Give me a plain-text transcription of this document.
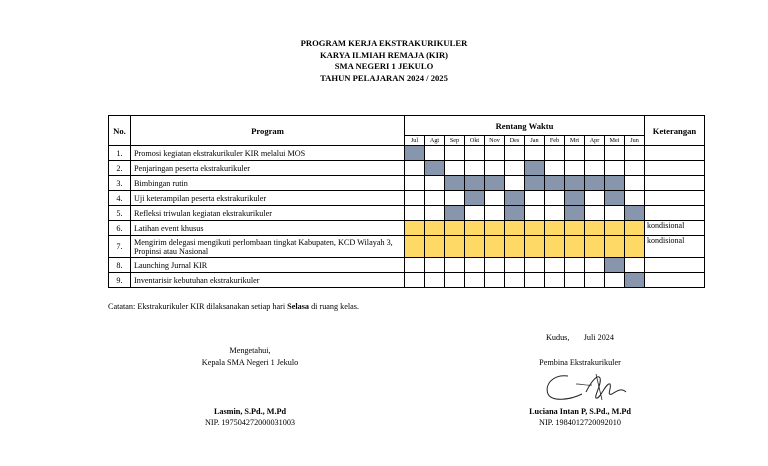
PROGRAM KERJA EKSTRAKURIKULER
KARYA ILMIAH REMAJA (KIR)
SMA NEGERI 1 JEKULO
TAHUN PELAJARAN 2024 / 2025
No.	Program	Rentang Waktu												Keterangan
		Jul	Agt	Sep	Okt	Nov	Des	Jan	Feb	Mrt	Apr	Mei	Jun	
1.	Promosi kegiatan ekstrakurikuler KIR melalui MOS													
2.	Penjaringan peserta ekstrakurikuler													
3.	Bimbingan rutin													
4.	Uji keterampilan peserta ekstrakurikuler													
5.	Refleksi triwulan kegiatan ekstrakurikuler													
6.	Latihan event khusus													kondisional
7.	Mengirim delegasi mengikuti perlombaan tingkat Kabupaten, KCD Wilayah 3, Propinsi atau Nasional													kondisional
8.	Launching Jurnal KIR													
9.	Inventarisir kebutuhan ekstrakurikuler													
Catatan: Ekstrakurikuler KIR dilaksanakan setiap hari Selasa di ruang kelas.
Mengetahui,
Kepala SMA Negeri 1 Jekulo
Lasmin, S.Pd., M.Pd
NIP. 197504272000031003
Kudus,       Juli 2024
Pembina Ekstrakurikuler
Luciana Intan P, S.Pd., M.Pd
NIP. 1984012720092010
